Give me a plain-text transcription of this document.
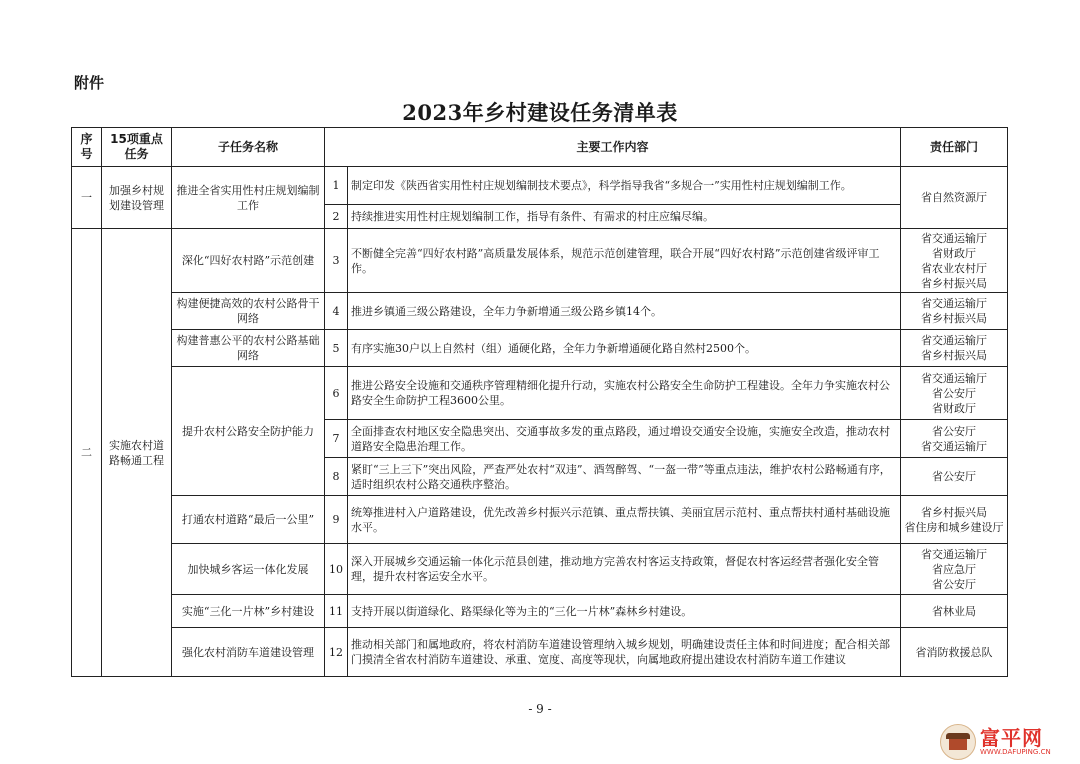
附件
2023年乡村建设任务清单表
序号	15项重点任务	子任务名称	主要工作内容		责任部门
一	加强乡村规划建设管理	推进全省实用性村庄规划编制工作	1	制定印发《陕西省实用性村庄规划编制技术要点》，科学指导我省“多规合一”实用性村庄规划编制工作。	省自然资源厅

			2	持续推进实用性村庄规划编制工作，指导有条件、有需求的村庄应编尽编。	
二	实施农村道路畅通工程	深化“四好农村路”示范创建	3	不断健全完善“四好农村路”高质量发展体系，规范示范创建管理，联合开展“四好农村路”示范创建省级评审工作。	省交通运输厅
省财政厅
省农业农村厅
省乡村振兴局

		构建便捷高效的农村公路骨干网络	4	推进乡镇通三级公路建设，全年力争新增通三级公路乡镇14个。	省交通运输厅
省乡村振兴局

		构建普惠公平的农村公路基础网络	5	有序实施30户以上自然村（组）通硬化路，全年力争新增通硬化路自然村2500个。	省交通运输厅
省乡村振兴局

		提升农村公路安全防护能力	6	推进公路安全设施和交通秩序管理精细化提升行动，实施农村公路安全生命防护工程建设。全年力争实施农村公路安全生命防护工程3600公里。	省交通运输厅
省公安厅
省财政厅

			7	全面排查农村地区安全隐患突出、交通事故多发的重点路段，通过增设交通安全设施，实施安全改造，推动农村道路安全隐患治理工作。	省公安厅
省交通运输厅

			8	紧盯“三上三下”突出风险，严查严处农村“双违”、酒驾醉驾、“一盔一带”等重点违法，维护农村公路畅通有序，适时组织农村公路交通秩序整治。	省公安厅

		打通农村道路“最后一公里”	9	统筹推进村入户道路建设，优先改善乡村振兴示范镇、重点帮扶镇、美丽宜居示范村、重点帮扶村通村基础设施水平。	省乡村振兴局
省住房和城乡建设厅

		加快城乡客运一体化发展	10	深入开展城乡交通运输一体化示范县创建，推动地方完善农村客运支持政策，督促农村客运经营者强化安全管理，提升农村客运安全水平。	省交通运输厅
省应急厅
省公安厅

		实施“三化一片林”乡村建设	11	支持开展以街道绿化、路渠绿化等为主的“三化一片林”森林乡村建设。	省林业局

		强化农村消防车道建设管理	12	推动相关部门和属地政府，将农村消防车道建设管理纳入城乡规划，明确建设责任主体和时间进度；配合相关部门摸清全省农村消防车道建设、承重、宽度、高度等现状，向属地政府提出建设农村消防车道工作建议	省消防救援总队
- 9 -
富平网
WWW.DAFUPING.CN
